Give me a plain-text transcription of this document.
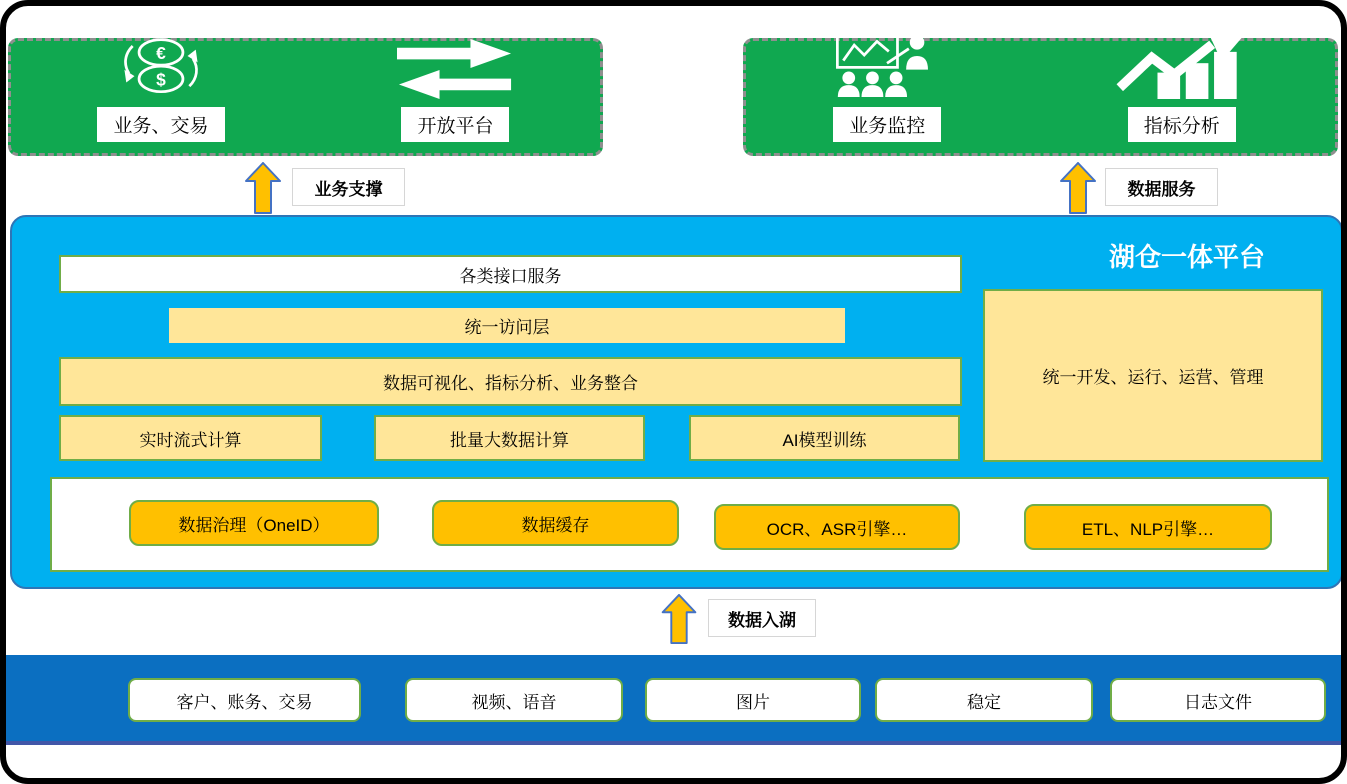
€
$
业务、交易	开放平台	业务监控	指标分析
业务支撑	数据服务
湖仓一体平台
各类接口服务
统一访问层
数据可视化、指标分析、业务整合
实时流式计算	批量大数据计算	AI模型训练
统一开发、运行、运营、管理
数据治理（OneID）	数据缓存	OCR、ASR引擎…	ETL、NLP引擎…
数据入湖
客户、账务、交易	视频、语音	图片	稳定	日志文件
